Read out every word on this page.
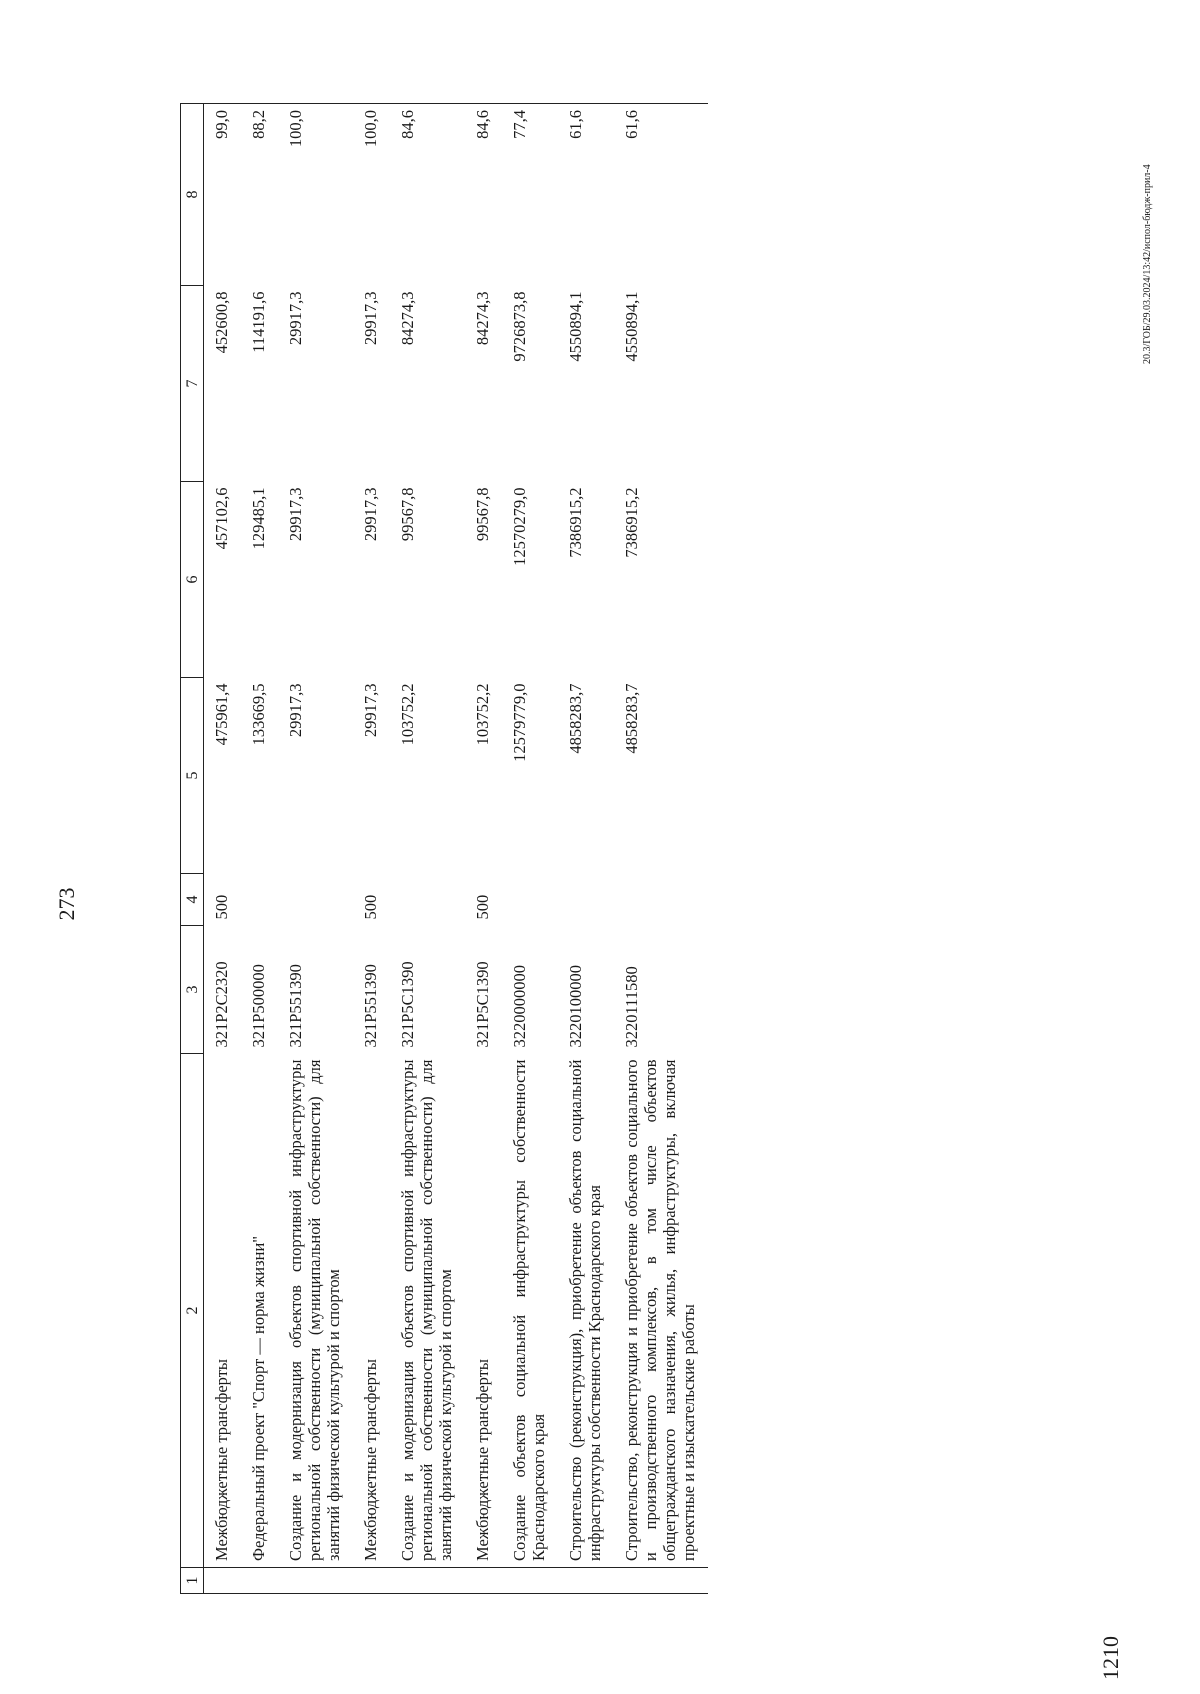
273
1	2	3	4	5	6	7	8
	Межбюджетные трансферты	321P2C2320	500	475961,4	457102,6	452600,8	99,0
	Федеральный проект "Спорт — норма жизни"	321P500000		133669,5	129485,1	114191,6	88,2
	Создание и модернизация объектов спортивной инфраструктуры региональной собственности (муниципальной собственности) для занятий физической культурой и спортом	321P551390		29917,3	29917,3	29917,3	100,0
	Межбюджетные трансферты	321P551390	500	29917,3	29917,3	29917,3	100,0
	Создание и модернизация объектов спортивной инфраструктуры региональной собственности (муниципальной собственности) для занятий физической культурой и спортом	321P5C1390		103752,2	99567,8	84274,3	84,6
	Межбюджетные трансферты	321P5C1390	500	103752,2	99567,8	84274,3	84,6
	Создание объектов социальной инфраструктуры собственности Краснодарского края	3220000000		12579779,0	12570279,0	9726873,8	77,4
	Строительство (реконструкция), приобретение объектов социальной инфраструктуры собственности Краснодарского края	3220100000		4858283,7	7386915,2	4550894,1	61,6
	Строительство, реконструкция и приобретение объектов социального и производственного комплексов, в том числе объектов общегражданского назначения, жилья, инфраструктуры, включая проектные и изыскательские работы	3220111580		4858283,7	7386915,2	4550894,1	61,6
20.3/ГОБ/29.03.2024/13:42/испол-бюдж-прил-4
1210
